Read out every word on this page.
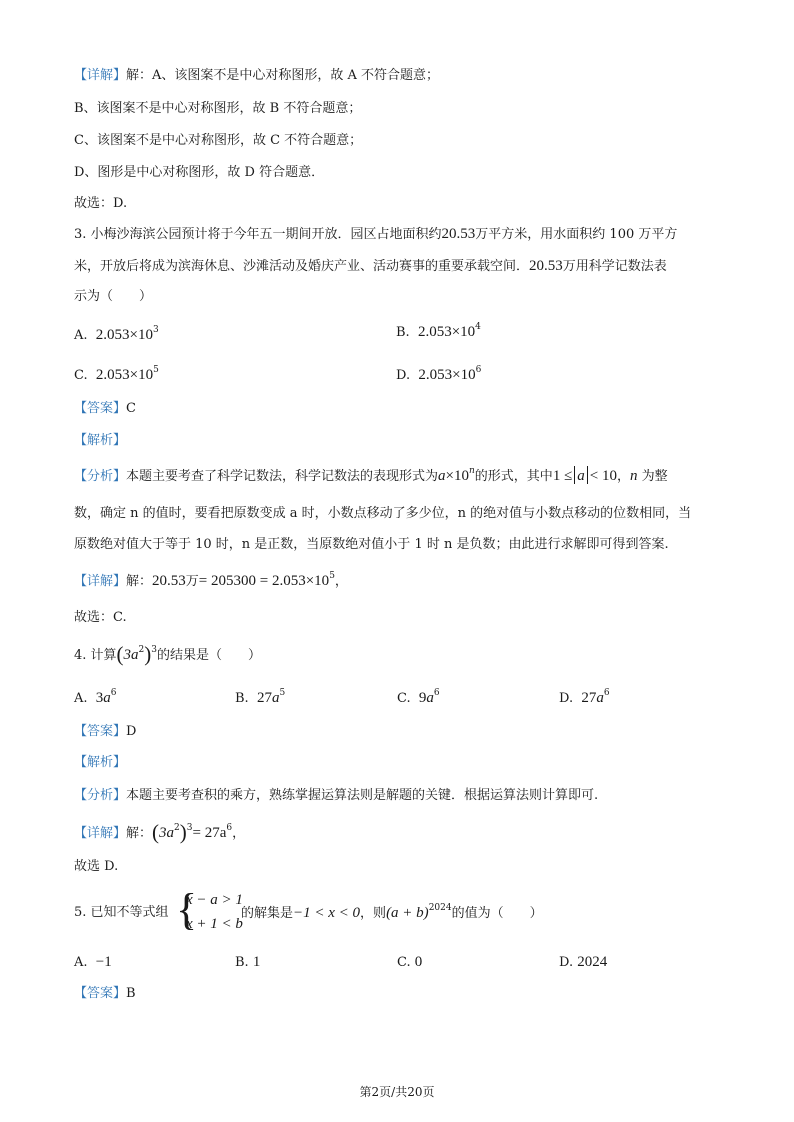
【详解】解：A、该图案不是中心对称图形，故 A 不符合题意；
B、该图案不是中心对称图形，故 B 不符合题意；
C、该图案不是中心对称图形，故 C 不符合题意；
D、图形是中心对称图形，故 D 符合题意．
故选：D.
3. 小梅沙海滨公园预计将于今年五一期间开放．园区占地面积约20.53万平方米，用水面积约 100 万平方
米，开放后将成为滨海休息、沙滩活动及婚庆产业、活动赛事的重要承载空间．20.53万用科学记数法表
示为（　　）
A. $2.053\times 10^3$	B. $2.053\times 10^4$
C. $2.053\times 10^5$	D. $2.053\times 10^6$
【答案】C
【解析】
【分析】本题主要考查了科学记数法，科学记数法的表现形式为$a\times 10^n$的形式，其中1 ≤ a < 10，n 为整
数，确定 n 的值时，要看把原数变成 a 时，小数点移动了多少位，n 的绝对值与小数点移动的位数相同，当
原数绝对值大于等于 10 时，n 是正数，当原数绝对值小于 1 时 n 是负数；由此进行求解即可得到答案.
【详解】解：20.53万= $205300 = 2.053\times 10^5$，
故选：C.
4. 计算$(3a^2)^3$的结果是（　　）
A. $3a^6$	B. $27a^5$	C. $9a^6$	D. $27a^6$
【答案】D
【解析】
【分析】本题主要考查积的乘方，熟练掌握运算法则是解题的关键．根据运算法则计算即可.
【详解】解：$(3a^2)^3= 27a^6$，
故选 D.
5. 已知不等式组 {
x − a > 1
x + 1 < b
的解集是−1 < x < 0，则$(a + b)^{2024}$的值为（　　）
A. −1	B. 1	C. 0	D. 2024
【答案】B
第2页/共20页
